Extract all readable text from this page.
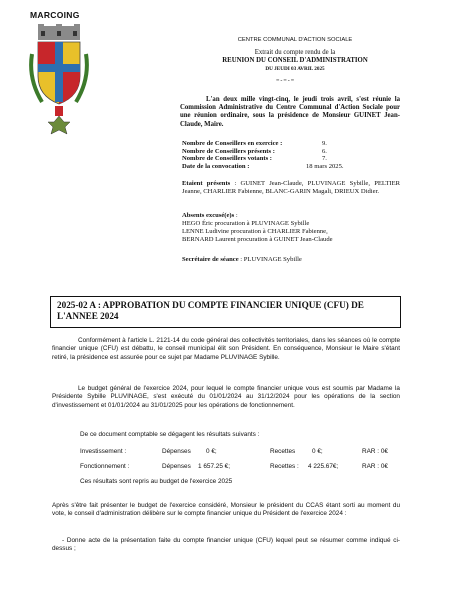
MARCOING
CENTRE COMMUNAL D'ACTION SOCIALE
Extrait du compte rendu de la
REUNION DU CONSEIL D'ADMINISTRATION
DU JEUDI 03 AVRIL 2025
=-=-=
L'an deux mille vingt-cinq, le jeudi trois avril, s'est réunie la Commission Administrative du Centre Communal d'Action Sociale pour une réunion ordinaire, sous la présidence de Monsieur GUINET Jean-Claude, Maire.
Nombre de Conseillers en exercice :	9.
Nombre de Conseillers présents :	6.
Nombre de Conseillers votants :	7.
Date de la convocation :	18 mars 2025.
Etaient présents : GUINET Jean-Claude, PLUVINAGE Sybille, PELTIER Jeanne, CHARLIER Fabienne, BLANC-GARIN Magali, DRIEUX Didier.
Absents excusé(e)s :
HEGO Éric procuration à PLUVINAGE Sybille
LENNE Ludivine procuration à CHARLIER Fabienne,
BERNARD Laurent procuration à GUINET Jean-Claude
Secrétaire de séance : PLUVINAGE Sybille
2025-02 A : APPROBATION DU COMPTE FINANCIER UNIQUE (CFU) DE L'ANNEE 2024
Conformément à l'article L. 2121-14 du code général des collectivités territoriales, dans les séances où le compte financier unique (CFU) est débattu, le conseil municipal élit son Président. En conséquence, Monsieur le Maire s'étant retiré, la présidence est assurée pour ce sujet par Madame PLUVINAGE Sybille.
Le budget général de l'exercice 2024, pour lequel le compte financier unique vous est soumis par Madame la Présidente Sybille PLUVINAGE, s'est exécuté du 01/01/2024 au 31/12/2024 pour les opérations de la section d'investissement et 01/01/2024 au 31/01/2025 pour les opérations de fonctionnement.
De ce document comptable se dégagent les résultats suivants :
Investissement :	Dépenses 0 €;	Recettes	0 €;	RAR : 0€
Fonctionnement :	Dépenses 1 657.25 €;	Recettes : 4 225.67€;	RAR : 0€
Ces résultats sont repris au budget de l'exercice 2025
Après s'être fait présenter le budget de l'exercice considéré, Monsieur le président du CCAS étant sorti au moment du vote, le conseil d'administration délibère sur le compte financier unique du Président de l'exercice 2024 :
- Donne acte de la présentation faite du compte financier unique (CFU) lequel peut se résumer comme indiqué ci-dessus ;
